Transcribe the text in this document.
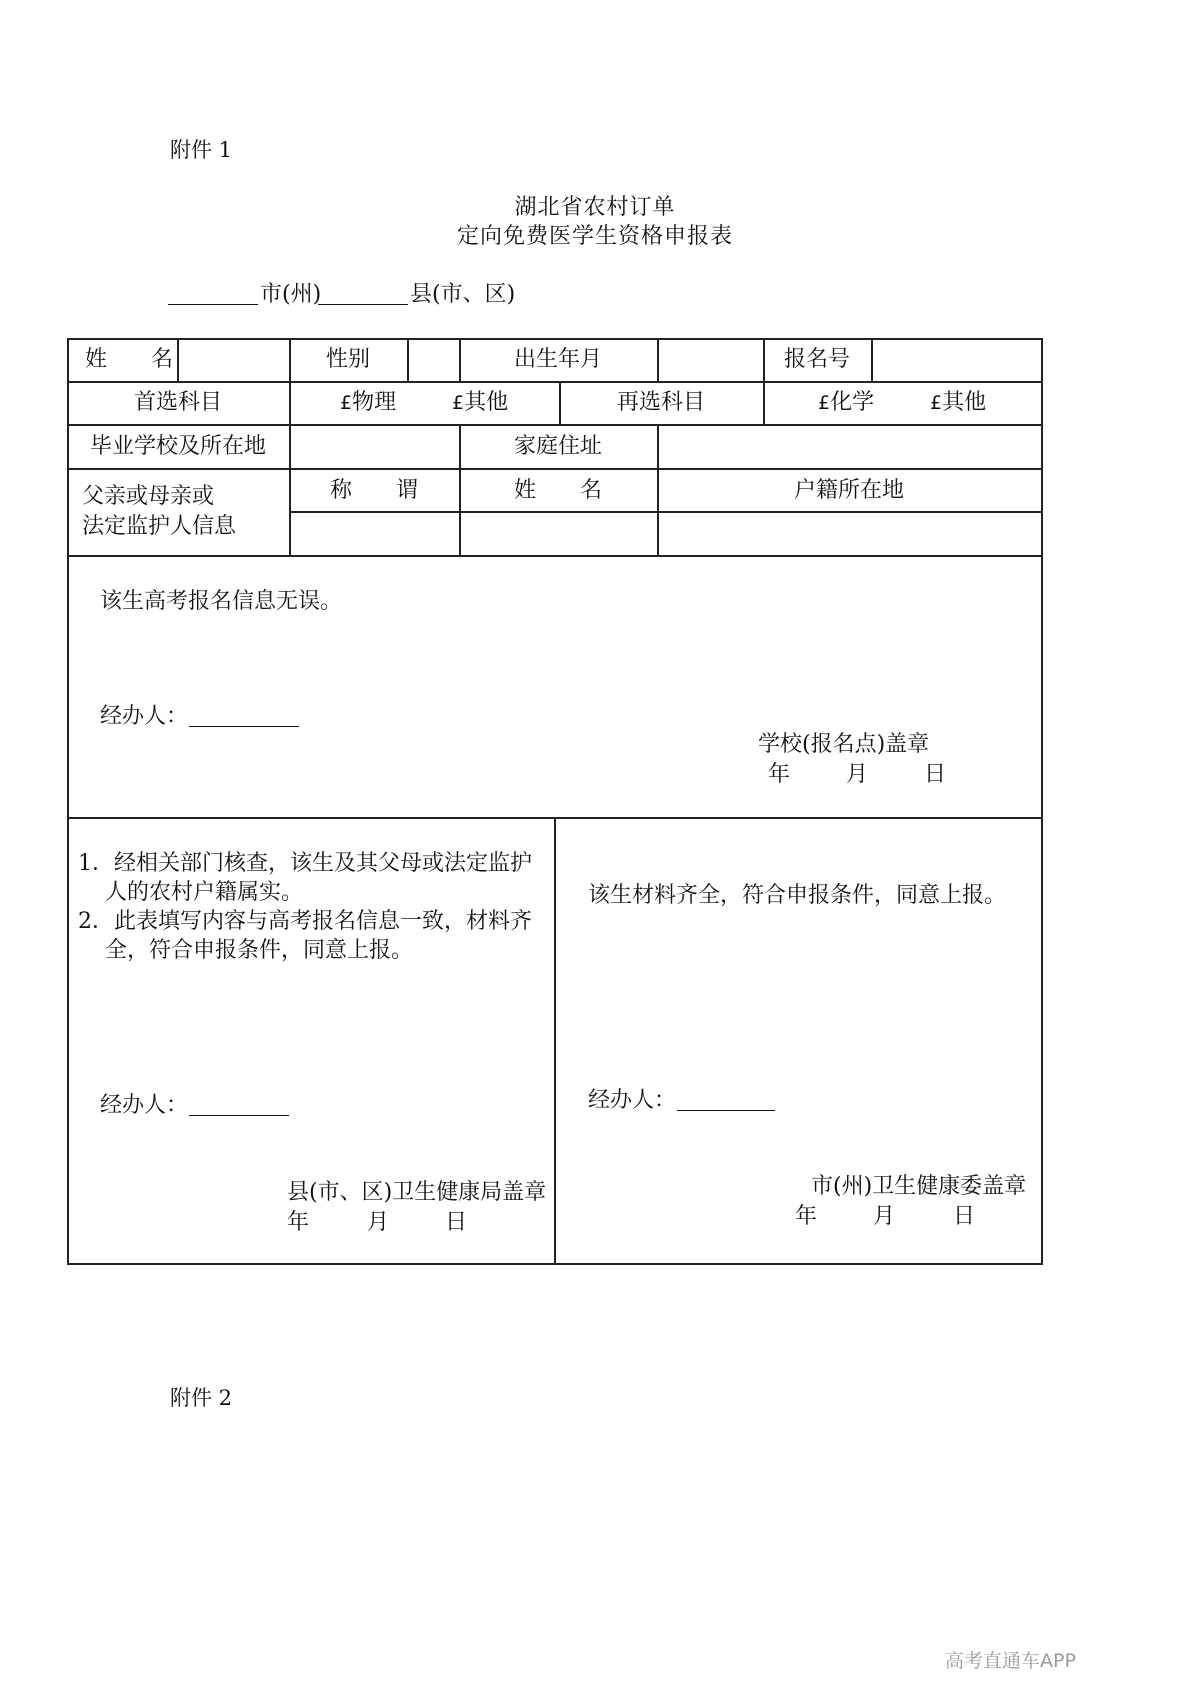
附件 1
湖北省农村订单
定向免费医学生资格申报表
市(州)	县(市、区)
姓　　名	性别	出生年月	报名号
首选科目	£物理	£其他	再选科目	£化学	£其他
毕业学校及所在地	家庭住址
父亲或母亲或
法定监护人信息
称　　谓	姓　　名	户籍所在地
该生高考报名信息无误。
经办人：
学校(报名点)盖章
年	月	日
1．经相关部门核查，该生及其父母或法定监护
人的农村户籍属实。
2．此表填写内容与高考报名信息一致，材料齐
全，符合申报条件，同意上报。
经办人：
县(市、区)卫生健康局盖章
年	月	日
该生材料齐全，符合申报条件，同意上报。
经办人：
市(州)卫生健康委盖章
年	月	日
附件 2
高考直通车APP
